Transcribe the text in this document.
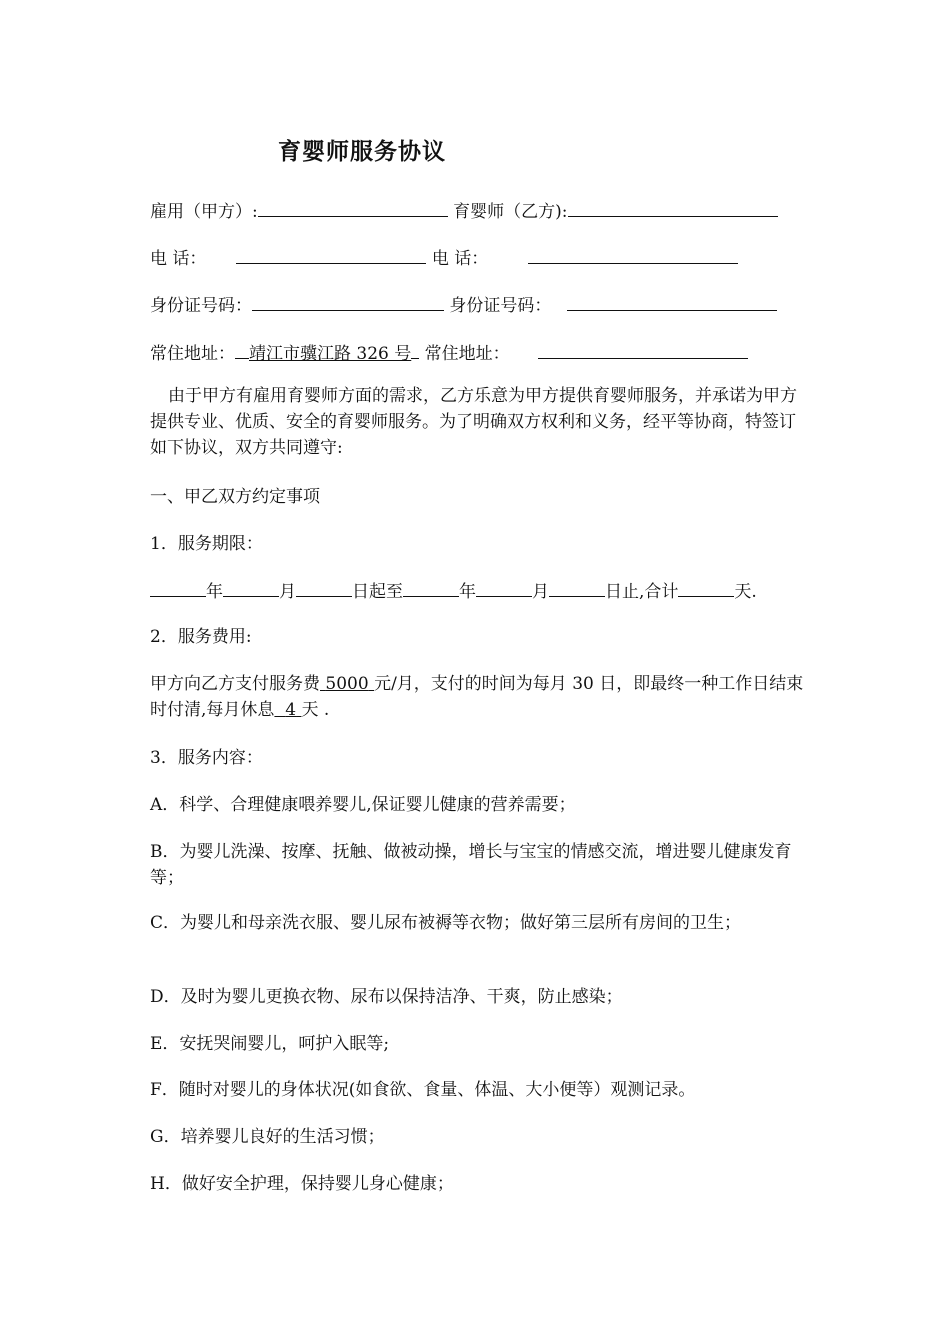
育婴师服务协议
雇用（甲方）:	育婴师（乙方):
电 话：	电 话：
身份证号码：	身份证号码：
常住地址： 靖江市骥江路 326 号 常住地址：
由于甲方有雇用育婴师方面的需求，乙方乐意为甲方提供育婴师服务，并承诺为甲方提供专业、优质、安全的育婴师服务。为了明确双方权利和义务，经平等协商，特签订如下协议，双方共同遵守:
一、甲乙双方约定事项
1．服务期限：
年	月	日起至	年	月	日止,合计	天.
2．服务费用:
甲方向乙方支付服务费 5000 元/月，支付的时间为每月 30 日，即最终一种工作日结束时付清,每月休息 4 天 .
3．服务内容：
A．科学、合理健康喂养婴儿,保证婴儿健康的营养需要；
B．为婴儿洗澡、按摩、抚触、做被动操，增长与宝宝的情感交流，增进婴儿健康发育等；
C．为婴儿和母亲洗衣服、婴儿尿布被褥等衣物；做好第三层所有房间的卫生；
D．及时为婴儿更换衣物、尿布以保持洁净、干爽，防止感染；
E．安抚哭闹婴儿，呵护入眠等;
F．随时对婴儿的身体状况(如食欲、食量、体温、大小便等）观测记录。
G．培养婴儿良好的生活习惯；
H．做好安全护理，保持婴儿身心健康；
